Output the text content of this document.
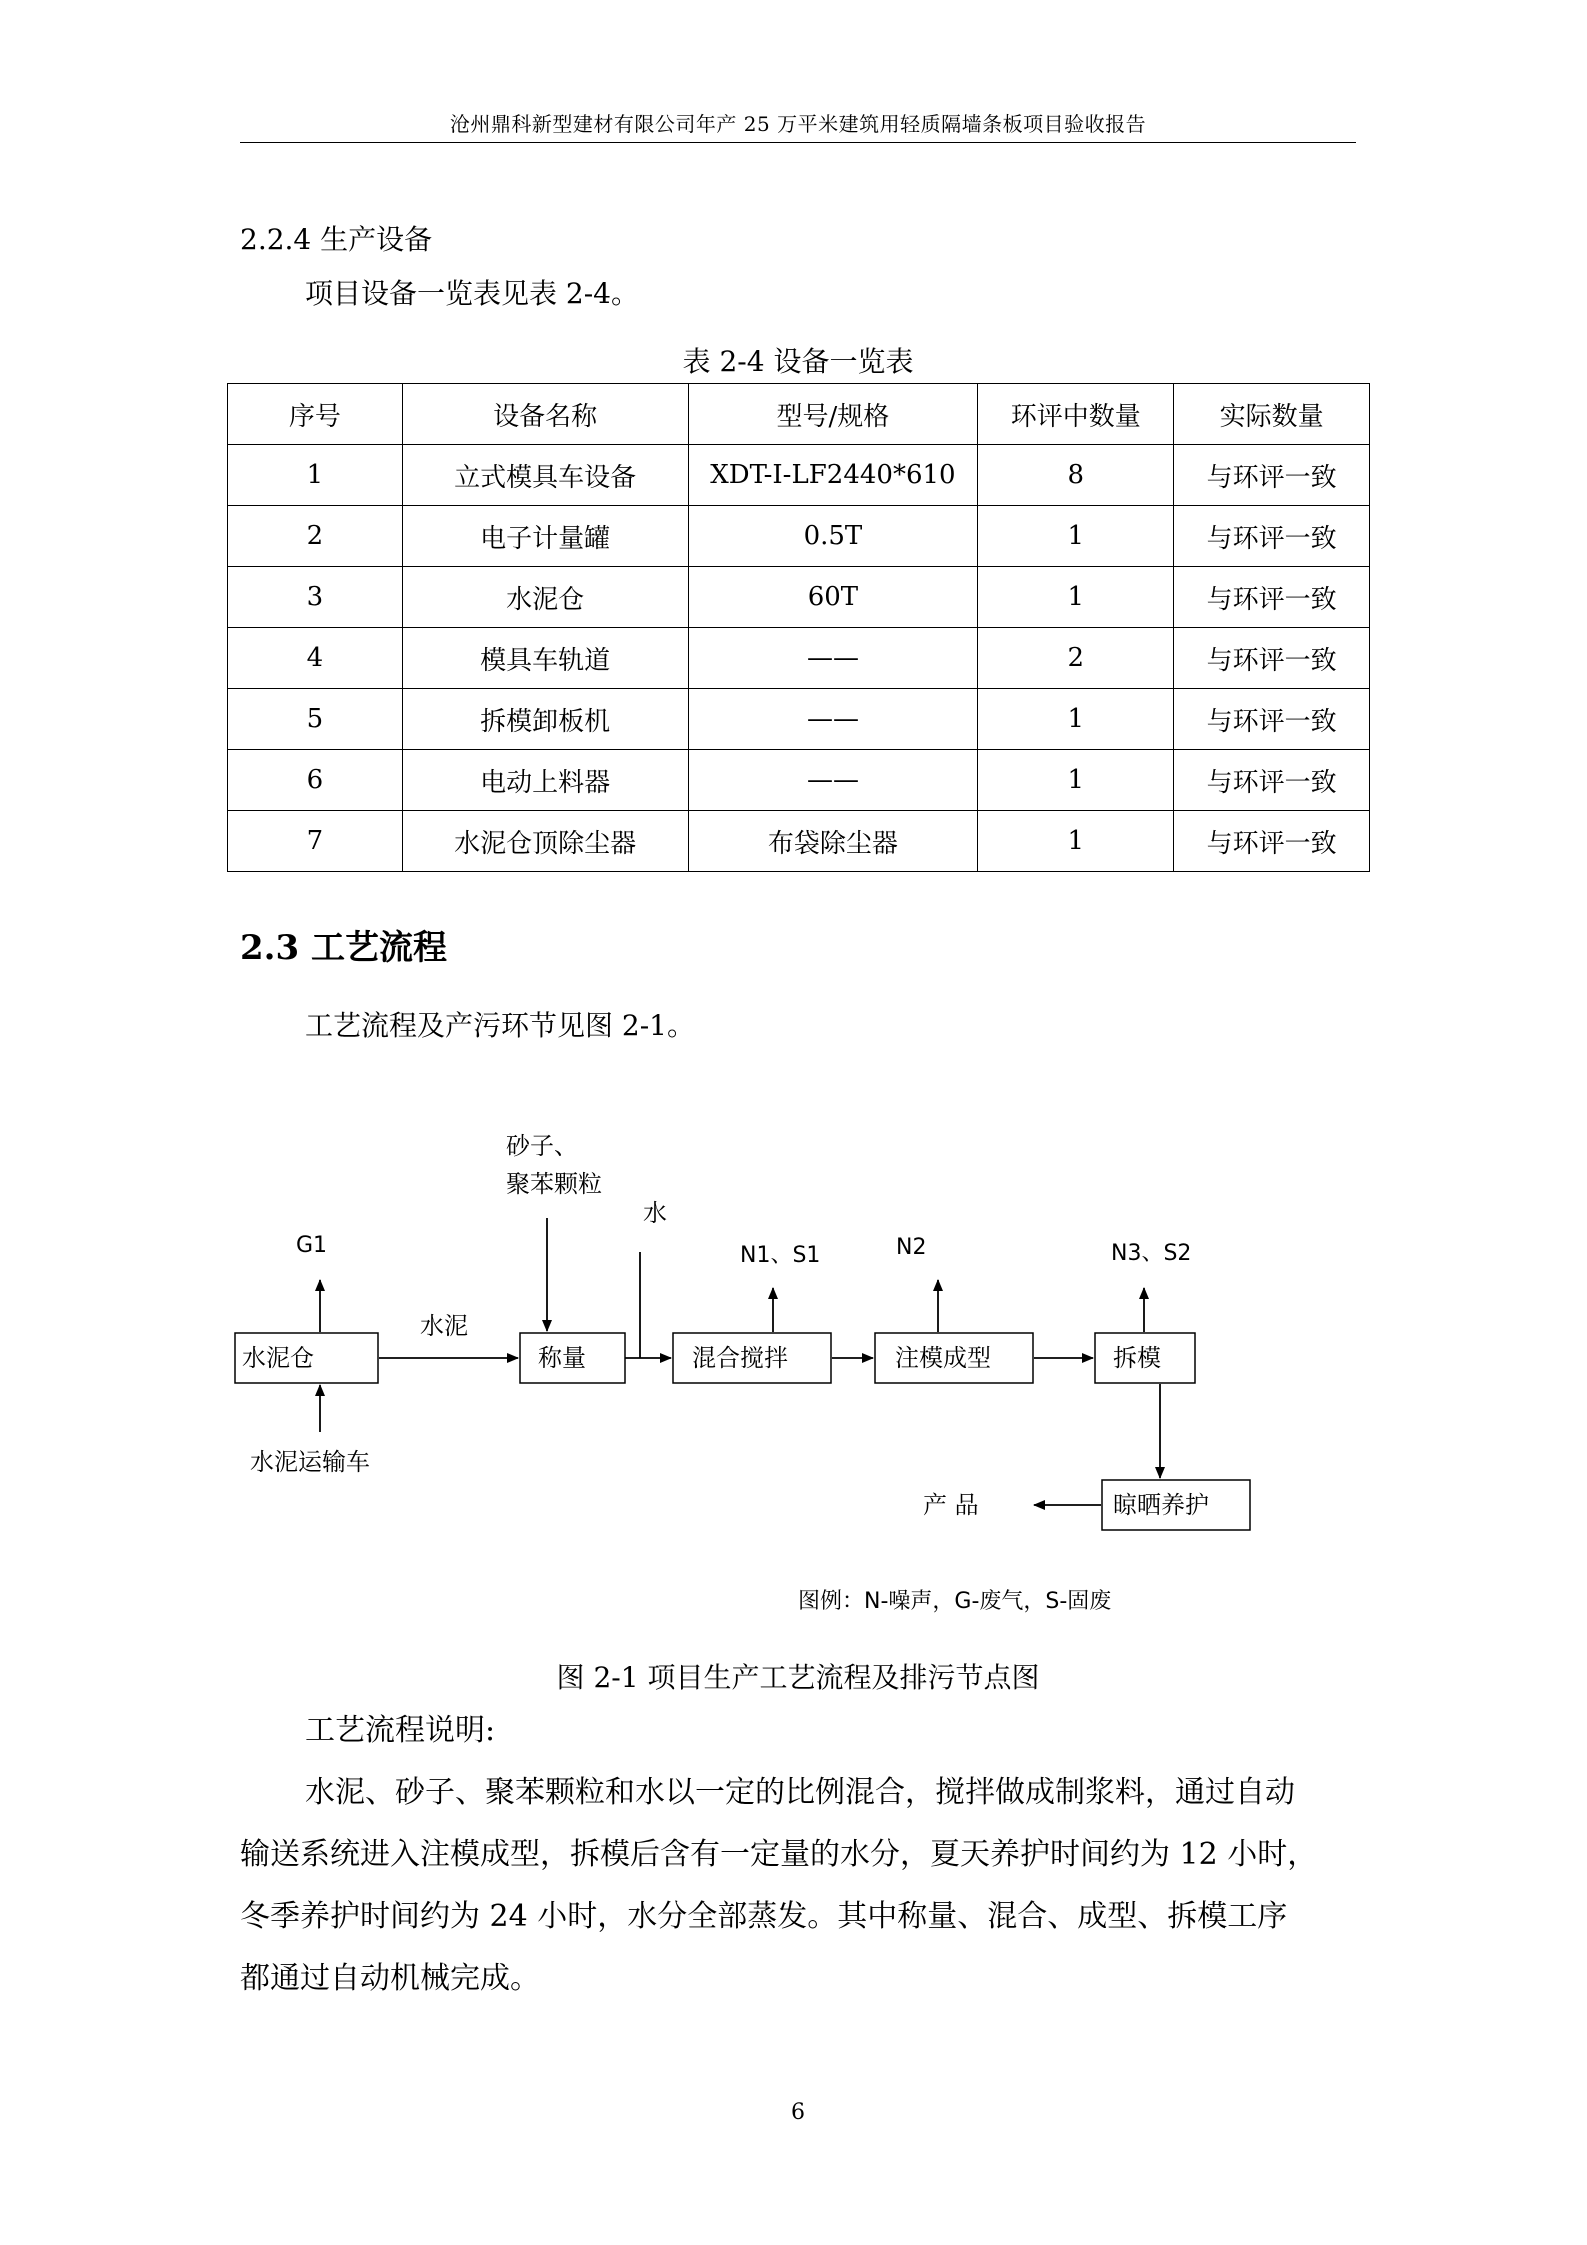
沧州鼎科新型建材有限公司年产 25 万平米建筑用轻质隔墙条板项目验收报告
2.2.4 生产设备
项目设备一览表见表 2-4。
表 2-4 设备一览表
序号	设备名称	型号/规格	环评中数量	实际数量
1	立式模具车设备	XDT-I-LF2440*610	8	与环评一致
2	电子计量罐	0.5T	1	与环评一致
3	水泥仓	60T	1	与环评一致
4	模具车轨道	——	2	与环评一致
5	拆模卸板机	——	1	与环评一致
6	电动上料器	——	1	与环评一致
7	水泥仓顶除尘器	布袋除尘器	1	与环评一致
2.3 工艺流程
工艺流程及产污环节见图 2-1。
水泥仓	称量	混合搅拌	注模成型	拆模
晾晒养护
G1
砂子、
聚苯颗粒
水
水泥
N1、S1	N2	N3、S2
水泥运输车
产 品
图例：N-噪声，G-废气，S-固废
图 2-1 项目生产工艺流程及排污节点图
工艺流程说明:
水泥、砂子、聚苯颗粒和水以一定的比例混合，搅拌做成制浆料，通过自动
输送系统进入注模成型，拆模后含有一定量的水分，夏天养护时间约为 12 小时，
冬季养护时间约为 24 小时，水分全部蒸发。其中称量、混合、成型、拆模工序
都通过自动机械完成。
6
